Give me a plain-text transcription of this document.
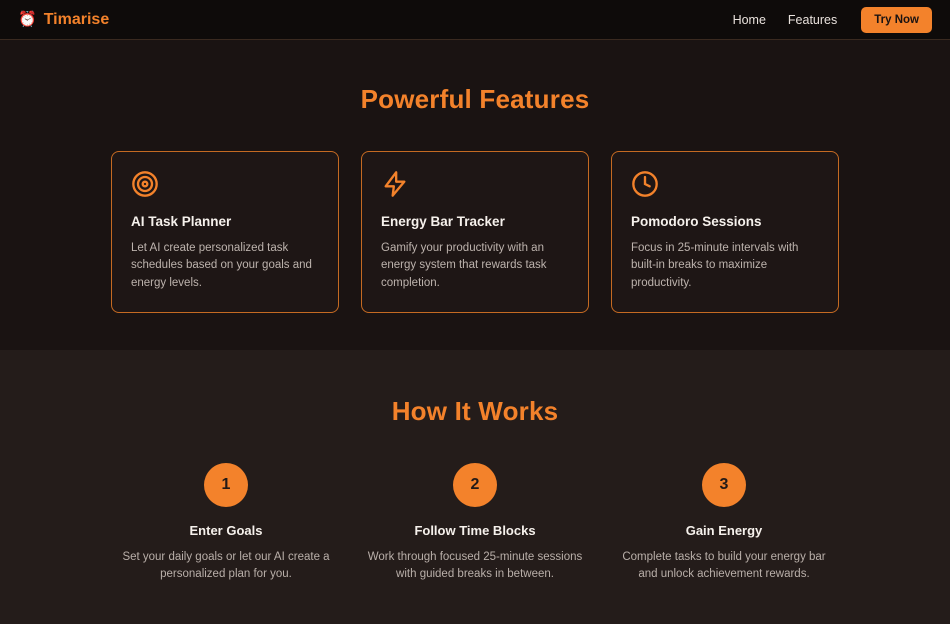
⏰ Timarise	Home Features	Try Now
Powerful Features
AI Task Planner
Let AI create personalized task schedules based on your goals and energy levels.
Energy Bar Tracker
Gamify your productivity with an energy system that rewards task completion.
Pomodoro Sessions
Focus in 25-minute intervals with built-in breaks to maximize productivity.
How It Works
1
Enter Goals
Set your daily goals or let our AI create a personalized plan for you.
2
Follow Time Blocks
Work through focused 25-minute sessions with guided breaks in between.
3
Gain Energy
Complete tasks to build your energy bar and unlock achievement rewards.
